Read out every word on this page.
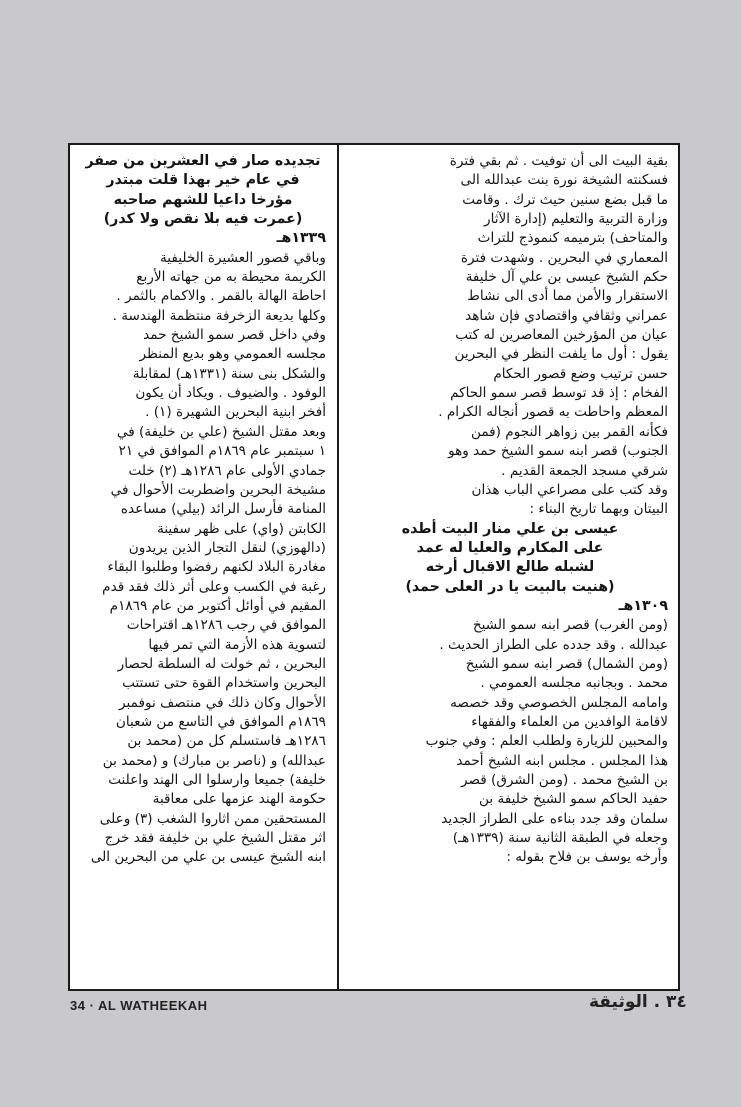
بقية البيت الى أن توفيت . ثم بقي فترة

فسكنته الشيخة نورة بنت عبدالله الى

ما قبل بضع سنين حيث ترك . وقامت

وزارة التربية والتعليم (إدارة الآثار

والمتاحف) بترميمه كنموذج للتراث

المعماري في البحرين . وشهدت فترة

حكم الشيخ عيسى بن علي آل خليفة

الاستقرار والأمن مما أدى الى نشاط

عمراني وثقافي واقتصادي فإن شاهد

عيان من المؤرخين المعاصرين له كتب

يقول : أول ما يلفت النظر في البحرين

حسن ترتيب وضع قصور الحكام

الفخام : إذ قد توسط قصر سمو الحاكم

المعظم واحاطت به قصور أنجاله الكرام .

فكأنه القمر بين زواهر النجوم (فمن

الجنوب) قصر ابنه سمو الشيخ حمد وهو

شرقي مسجد الجمعة القديم .

وقد كتب على مصراعي الباب هذان

البيتان وبهما تاريخ البناء :

عيسى بن علي منار البيت أطده

على المكارم والعليا له عمد

لشبله طالع الاقبال أرخه

(هنيت بالبيت يا در العلى حمد)

١٣٠٩هـ

(ومن الغرب) قصر ابنه سمو الشيخ

عبدالله . وقد جدده على الطراز الحديث .

(ومن الشمال) قصر ابنه سمو الشيخ

محمد . وبجانبه مجلسه العمومي .

وامامه المجلس الخصوصي وقد خصصه

لاقامة الوافدين من العلماء والفقهاء

والمحبين للزيارة ولطلب العلم : وفي جنوب

هذا المجلس . مجلس ابنه الشيخ أحمد

بن الشيخ محمد . (ومن الشرق) قصر

حفيد الحاكم سمو الشيخ خليفة بن

سلمان وقد جدد بناءه على الطراز الجديد

وجعله في الطبقة الثانية سنة (١٣٣٩هـ)

وأرخه يوسف بن فلاح بقوله :

تجديده صار في العشرين من صفر

في عام خير بهذا قلت مبتدر

مؤرخا داعيا للشهم صاحبه

(عمرت فيه بلا نقص ولا كدر)

١٣٣٩هـ

وباقي قصور العشيرة الخليفية

الكريمة محيطة به من جهاته الأربع

احاطة الهالة بالقمر . والاكمام بالثمر .

وكلها بديعة الزخرفة منتظمة الهندسة .

وفي داخل قصر سمو الشيخ حمد

مجلسه العمومي وهو بديع المنظر

والشكل بنى سنة (١٣٣١هـ) لمقابلة

الوفود . والضيوف . ويكاد أن يكون

أفخر ابنية البحرين الشهيرة (١) .

وبعد مقتل الشيخ (علي بن خليفة) في

١ سبتمبر عام ١٨٦٩م الموافق في ٢١

جمادي الأولى عام ١٢٨٦هـ (٢) خلت

مشيخة البحرين واضطربت الأحوال في

المنامة فأرسل الرائد (بيلي) مساعده

الكابتن (واي) على ظهر سفينة

(دالهوزي) لنقل التجار الذين يريدون

مغادرة البلاد لكنهم رفضوا وطلبوا البقاء

رغبة في الكسب وعلى أثر ذلك فقد قدم

المقيم في أوائل أكتوبر من عام ١٨٦٩م

الموافق في رجب ١٢٨٦هـ اقتراحات

لتسوية هذه الأزمة التي تمر فيها

البحرين ، ثم خولت له السلطة لحصار

البحرين واستخدام القوة حتى تستتب

الأحوال وكان ذلك في منتصف نوفمبر

١٨٦٩م الموافق في التاسع من شعبان

١٢٨٦هـ فاستسلم كل من (محمد بن

عبدالله) و (ناصر بن مبارك) و (محمد بن

خليفة) جميعا وارسلوا الى الهند واعلنت

حكومة الهند عزمها على معاقبة

المستحقين ممن اثاروا الشغب (٣) وعلى

اثر مقتل الشيخ علي بن خليفة فقد خرج

ابنه الشيخ عيسى بن علي من البحرين الى

34 · AL WATHEEKAH	٣٤ . الوثيقة
